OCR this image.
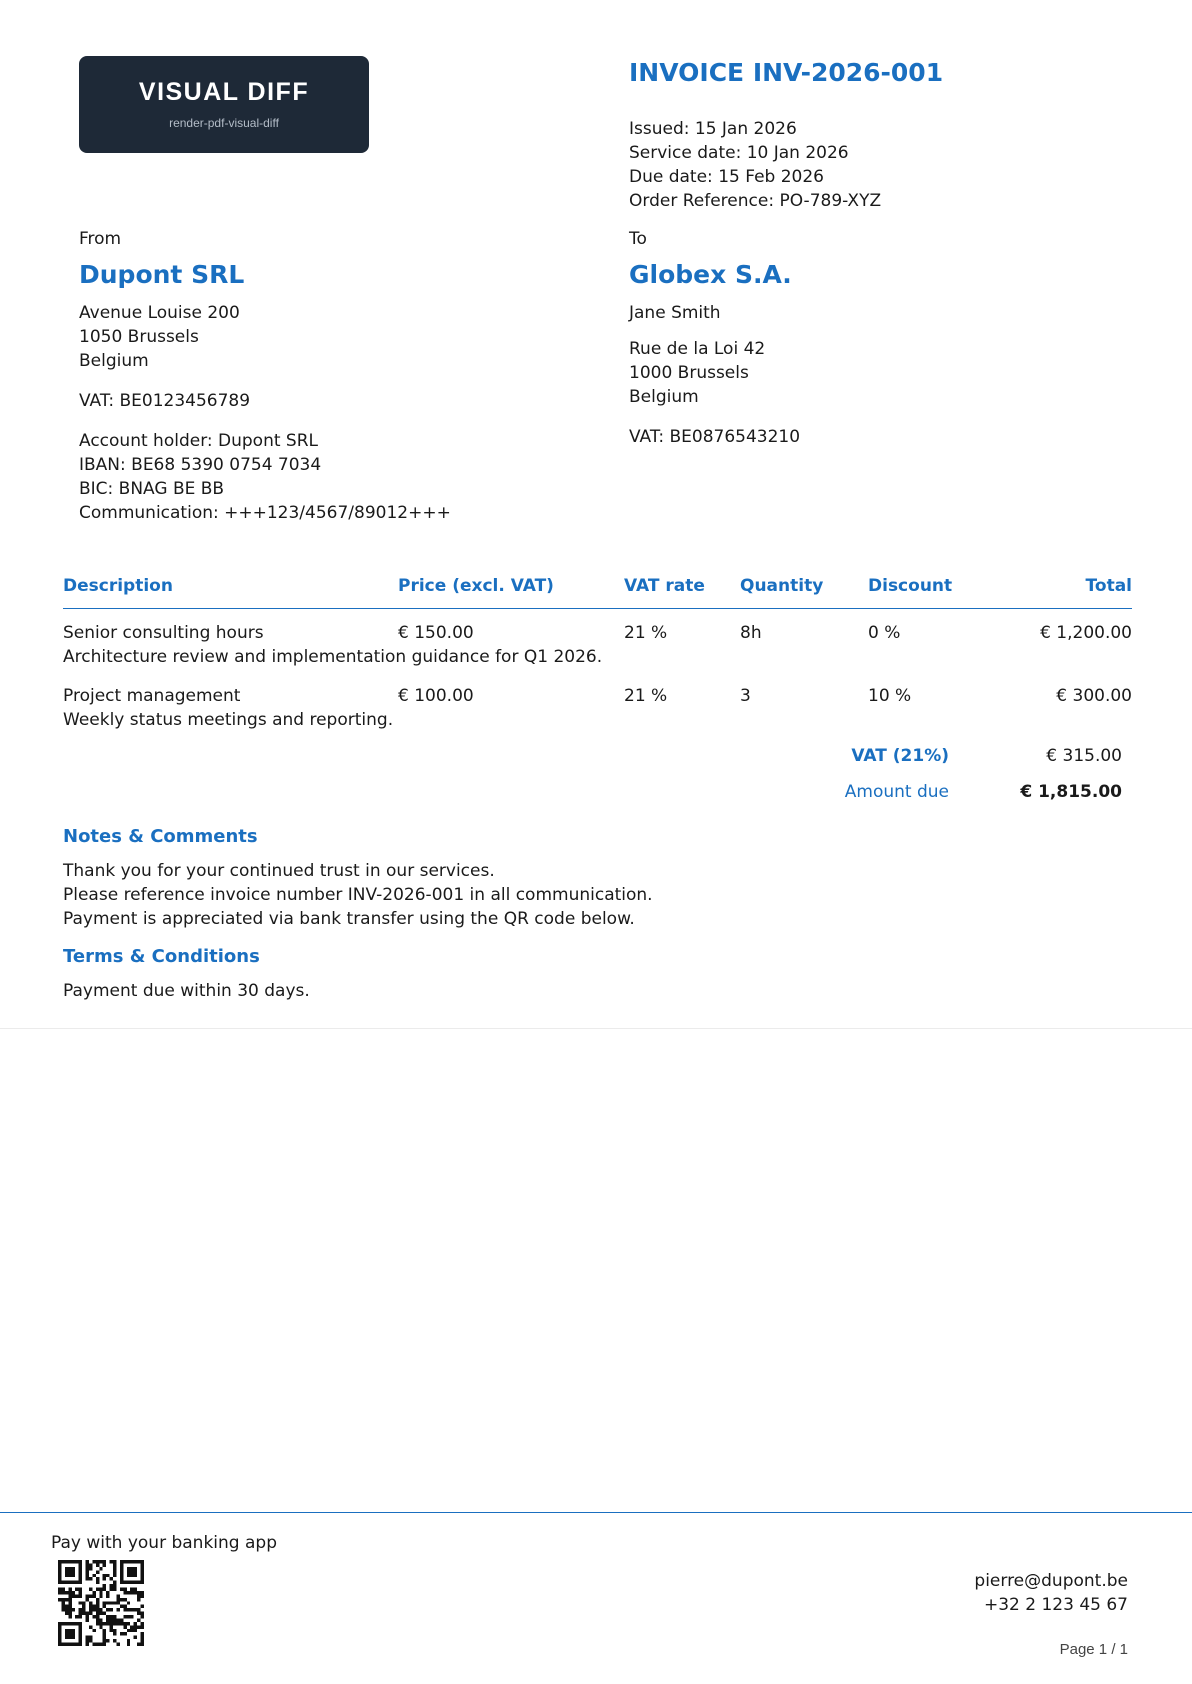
VISUAL DIFF
render-pdf-visual-diff
INVOICE INV-2026-001
Issued: 15 Jan 2026
Service date: 10 Jan 2026
Due date: 15 Feb 2026
Order Reference: PO-789-XYZ
From
Dupont SRL
Avenue Louise 200
1050 Brussels
Belgium
VAT: BE0123456789
Account holder: Dupont SRL
IBAN: BE68 5390 0754 7034
BIC: BNAG BE BB
Communication: +++123/4567/89012+++
To
Globex S.A.
Jane Smith
Rue de la Loi 42
1000 Brussels
Belgium
VAT: BE0876543210
Description	Price (excl. VAT)	VAT rate	Quantity	Discount	Total
Senior consulting hours	€ 150.00	21 %	8h	0 %	€ 1,200.00
Architecture review and implementation guidance for Q1 2026.					
Project management	€ 100.00	21 %	3	10 %	€ 300.00
Weekly status meetings and reporting.					
VAT (21%)	€ 315.00
Amount due	€ 1,815.00
Notes & Comments
Thank you for your continued trust in our services.
Please reference invoice number INV-2026-001 in all communication.
Payment is appreciated via bank transfer using the QR code below.
Terms & Conditions
Payment due within 30 days.
Pay with your banking app
pierre@dupont.be
+32 2 123 45 67
Page 1 / 1
